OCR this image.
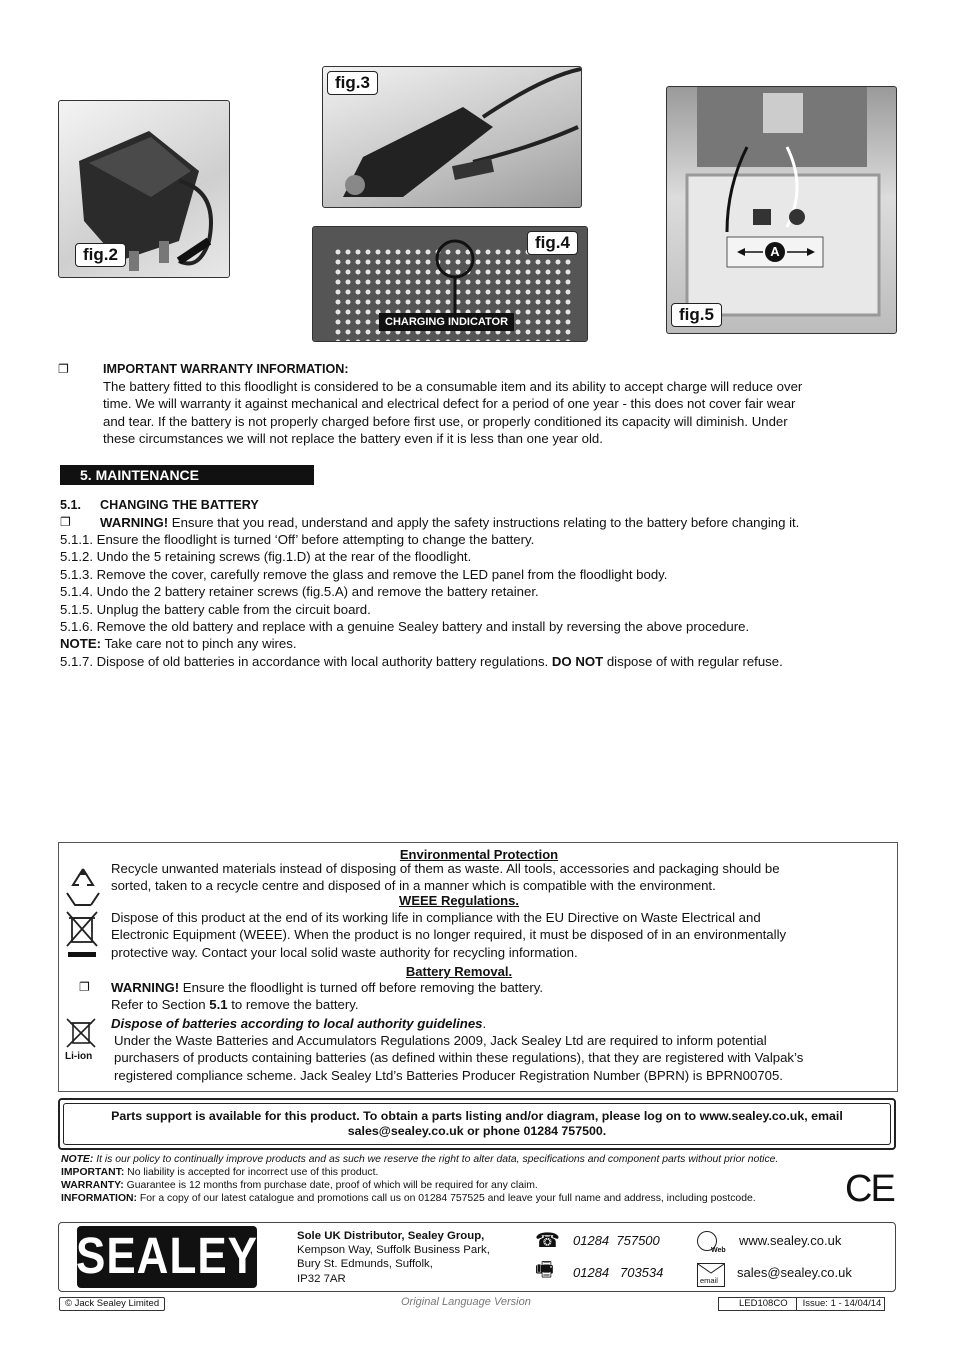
fig.2
fig.3
fig.4
CHARGING INDICATOR
A
fig.5
❐	IMPORTANT WARRANTY INFORMATION:
The battery fitted to this floodlight is considered to be a consumable item and its ability to accept charge will reduce over
time. We will warranty it against mechanical and electrical defect for a period of one year - this does not cover fair wear
and tear. If the battery is not properly charged before first use, or properly conditioned its capacity will diminish. Under
these circumstances we will not replace the battery even if it is less than one year old.
5. MAINTENANCE
5.1. CHANGING THE BATTERY
❐ WARNING! Ensure that you read, understand and apply the safety instructions relating to the battery before changing it.
5.1.1. Ensure the floodlight is turned ‘Off’ before attempting to change the battery.
5.1.2. Undo the 5 retaining screws (fig.1.D) at the rear of the floodlight.
5.1.3. Remove the cover, carefully remove the glass and remove the LED panel from the floodlight body.
5.1.4. Undo the 2 battery retainer screws (fig.5.A) and remove the battery retainer.
5.1.5. Unplug the battery cable from the circuit board.
5.1.6. Remove the old battery and replace with a genuine Sealey battery and install by reversing the above procedure.
NOTE: Take care not to pinch any wires.
5.1.7. Dispose of old batteries in accordance with local authority battery regulations. DO NOT dispose of with regular refuse.
Environmental Protection
Recycle unwanted materials instead of disposing of them as waste. All tools, accessories and packaging should be
sorted, taken to a recycle centre and disposed of in a manner which is compatible with the environment.
WEEE Regulations.
Dispose of this product at the end of its working life in compliance with the EU Directive on Waste Electrical and
Electronic Equipment (WEEE). When the product is no longer required, it must be disposed of in an environmentally
protective way. Contact your local solid waste authority for recycling information.
Battery Removal.
❐ WARNING! Ensure the floodlight is turned off before removing the battery.
Refer to Section 5.1 to remove the battery.
Li-ion
Dispose of batteries according to local authority guidelines.
Under the Waste Batteries and Accumulators Regulations 2009, Jack Sealey Ltd are required to inform potential
purchasers of products containing batteries (as defined within these regulations), that they are registered with Valpak’s
registered compliance scheme. Jack Sealey Ltd’s Batteries Producer Registration Number (BPRN) is BPRN00705.
Parts support is available for this product. To obtain a parts listing and/or diagram, please log on to www.sealey.co.uk, email
sales@sealey.co.uk or phone 01284 757500.
NOTE: It is our policy to continually improve products and as such we reserve the right to alter data, specifications and component parts without prior notice.
IMPORTANT: No liability is accepted for incorrect use of this product.
WARRANTY: Guarantee is 12 months from purchase date, proof of which will be required for any claim.
INFORMATION: For a copy of our latest catalogue and promotions call us on 01284 757525 and leave your full name and address, including postcode. CE
SEALEY	Sole UK Distributor, Sealey Group,
Kempson Way, Suffolk Business Park,
Bury St. Edmunds, Suffolk,
IP32 7AR
☎	01284  757500
🖷	01284   703534
Web
www.sealey.co.uk
email
sales@sealey.co.uk
© Jack Sealey Limited	Original Language Version	LED108CO	Issue: 1 - 14/04/14
